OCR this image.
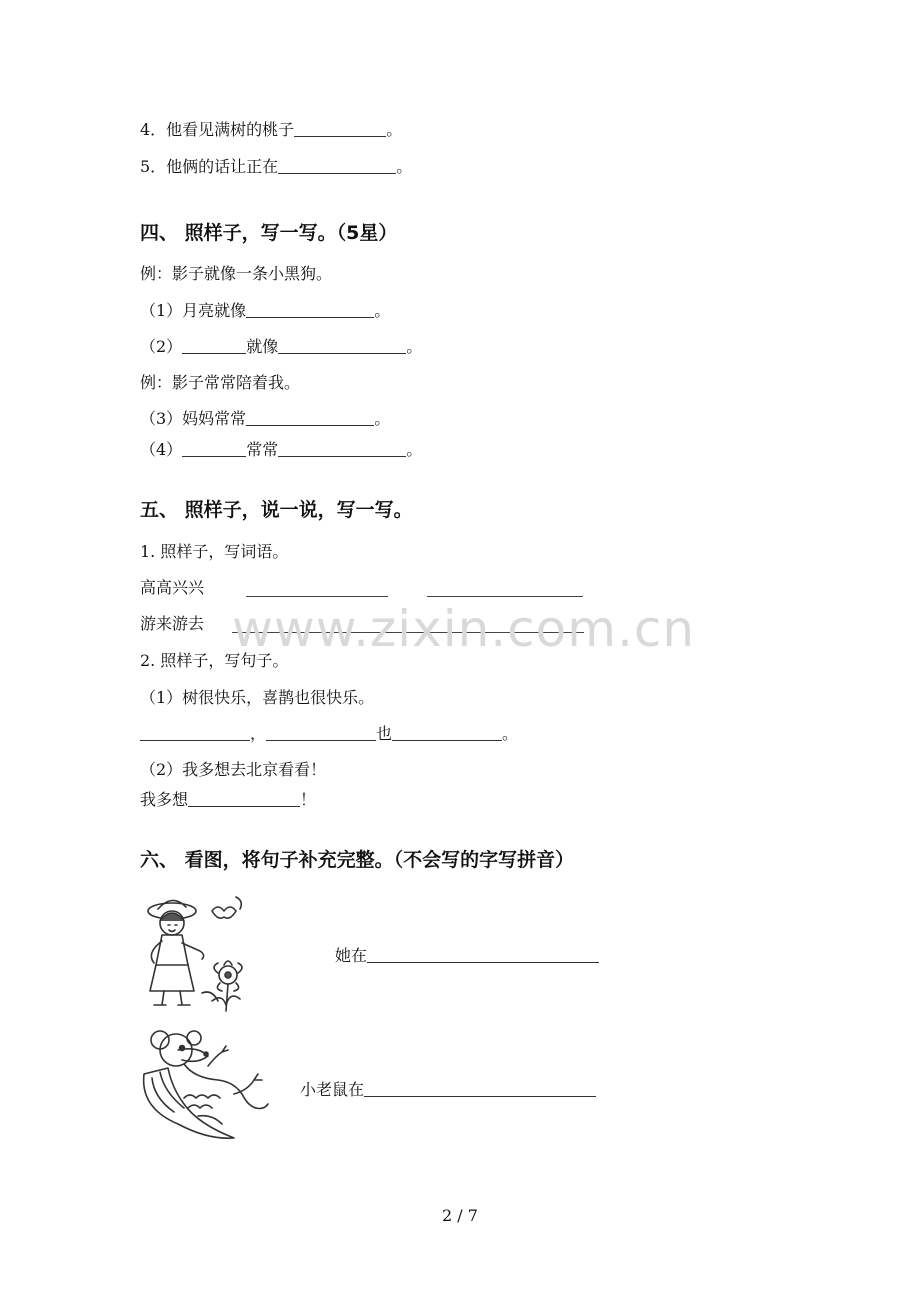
4．他看见满树的桃子	。
5．他俩的话让正在	。
四、 照样子，写一写。（5星）
例：影子就像一条小黑狗。
（1）月亮就像	。
（2）	就像	。
例：影子常常陪着我。
（3）妈妈常常	。
（4）	常常	。
五、 照样子，说一说，写一写。
1. 照样子，写词语。
高高兴兴
游来游去 www.zixin.com.cn
2. 照样子，写句子。
（1）树很快乐，喜鹊也很快乐。
，	也	。
（2）我多想去北京看看！
我多想	！
六、 看图，将句子补充完整。（不会写的字写拼音）
她在
小老鼠在
2 / 7
